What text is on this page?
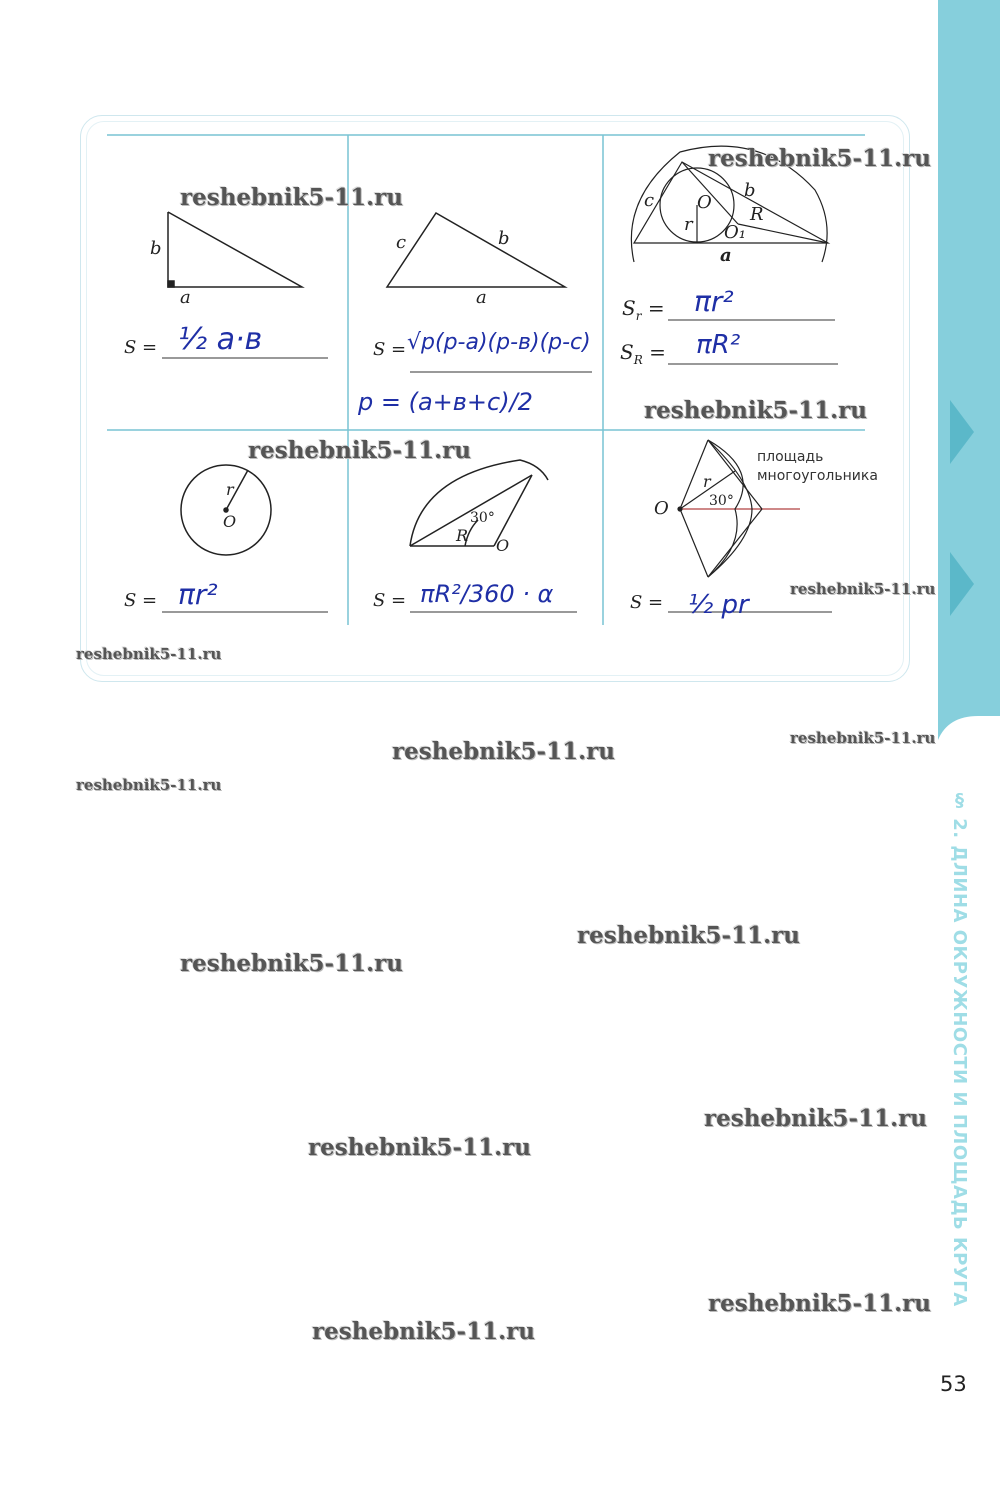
§ 2. ДЛИНА ОКРУЖНОСТИ И ПЛОЩАДЬ КРУГА
b
a
S = ½ a·в
c	b
a
S = √p(p-a)(p-в)(p-c)
p = (a+в+c)/2
c	b
O
r	R
O₁
a
$S_r = \pi r^2$
$S_R = \pi R^2$
r
O
S = πr²
30°
R
O
S = πR²/360 · α
площадь
многоугольника
O
r
30°
S = ½ pr
reshebnik5-11.ru
reshebnik5-11.ru
reshebnik5-11.ru
reshebnik5-11.ru
reshebnik5-11.ru
reshebnik5-11.ru
reshebnik5-11.ru	reshebnik5-11.ru
reshebnik5-11.ru
reshebnik5-11.ru
reshebnik5-11.ru
reshebnik5-11.ru
reshebnik5-11.ru
reshebnik5-11.ru
reshebnik5-11.ru
53
